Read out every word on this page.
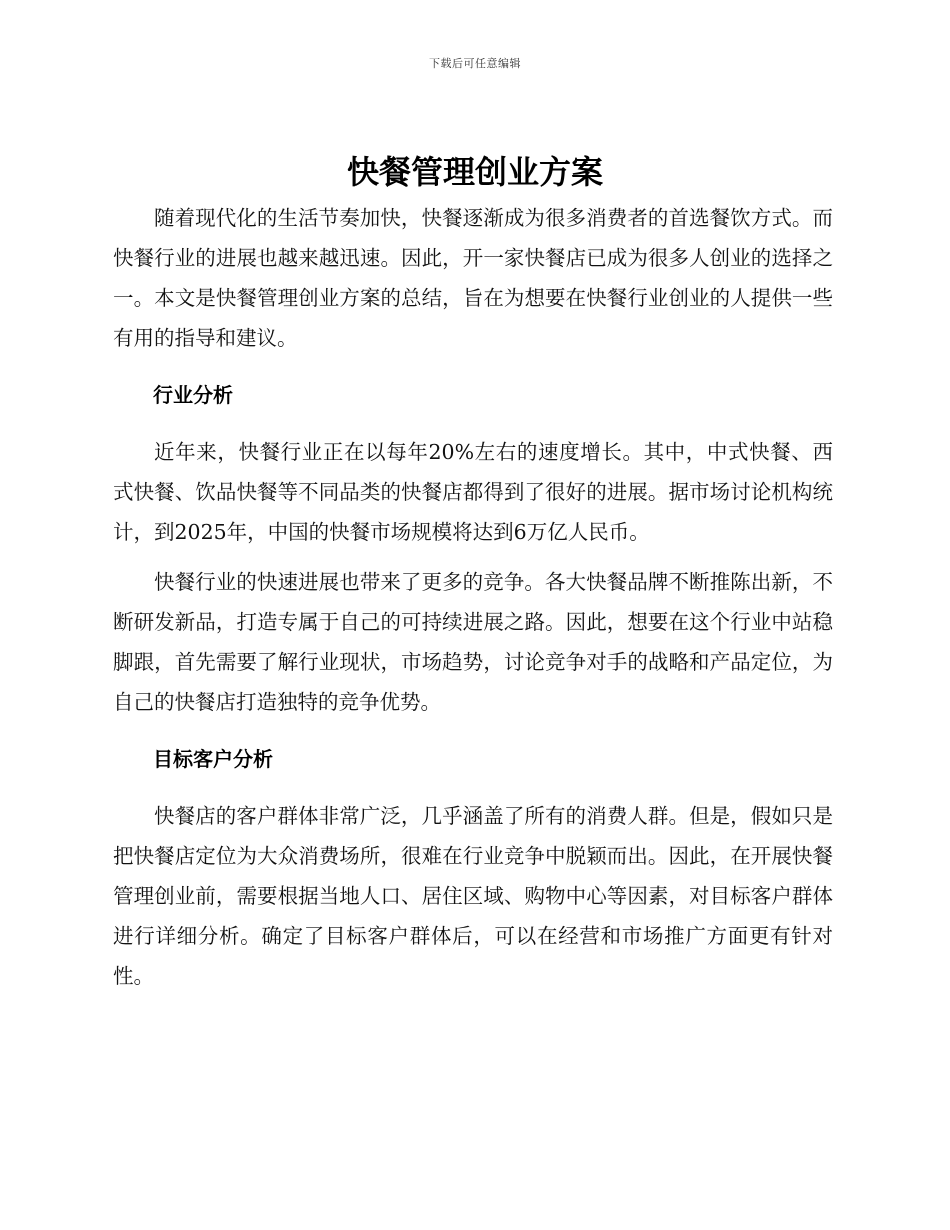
下载后可任意编辑
快餐管理创业方案

随着现代化的生活节奏加快，快餐逐渐成为很多消费者的首选餐饮方式。而快餐行业的进展也越来越迅速。因此，开一家快餐店已成为很多人创业的选择之一。本文是快餐管理创业方案的总结，旨在为想要在快餐行业创业的人提供一些有用的指导和建议。

行业分析

近年来，快餐行业正在以每年20%左右的速度增长。其中，中式快餐、西式快餐、饮品快餐等不同品类的快餐店都得到了很好的进展。据市场讨论机构统计，到2025年，中国的快餐市场规模将达到6万亿人民币。

快餐行业的快速进展也带来了更多的竞争。各大快餐品牌不断推陈出新，不断研发新品，打造专属于自己的可持续进展之路。因此，想要在这个行业中站稳脚跟，首先需要了解行业现状，市场趋势，讨论竞争对手的战略和产品定位，为自己的快餐店打造独特的竞争优势。

目标客户分析

快餐店的客户群体非常广泛，几乎涵盖了所有的消费人群。但是，假如只是把快餐店定位为大众消费场所，很难在行业竞争中脱颖而出。因此，在开展快餐管理创业前，需要根据当地人口、居住区域、购物中心等因素，对目标客户群体进行详细分析。确定了目标客户群体后，可以在经营和市场推广方面更有针对性。
